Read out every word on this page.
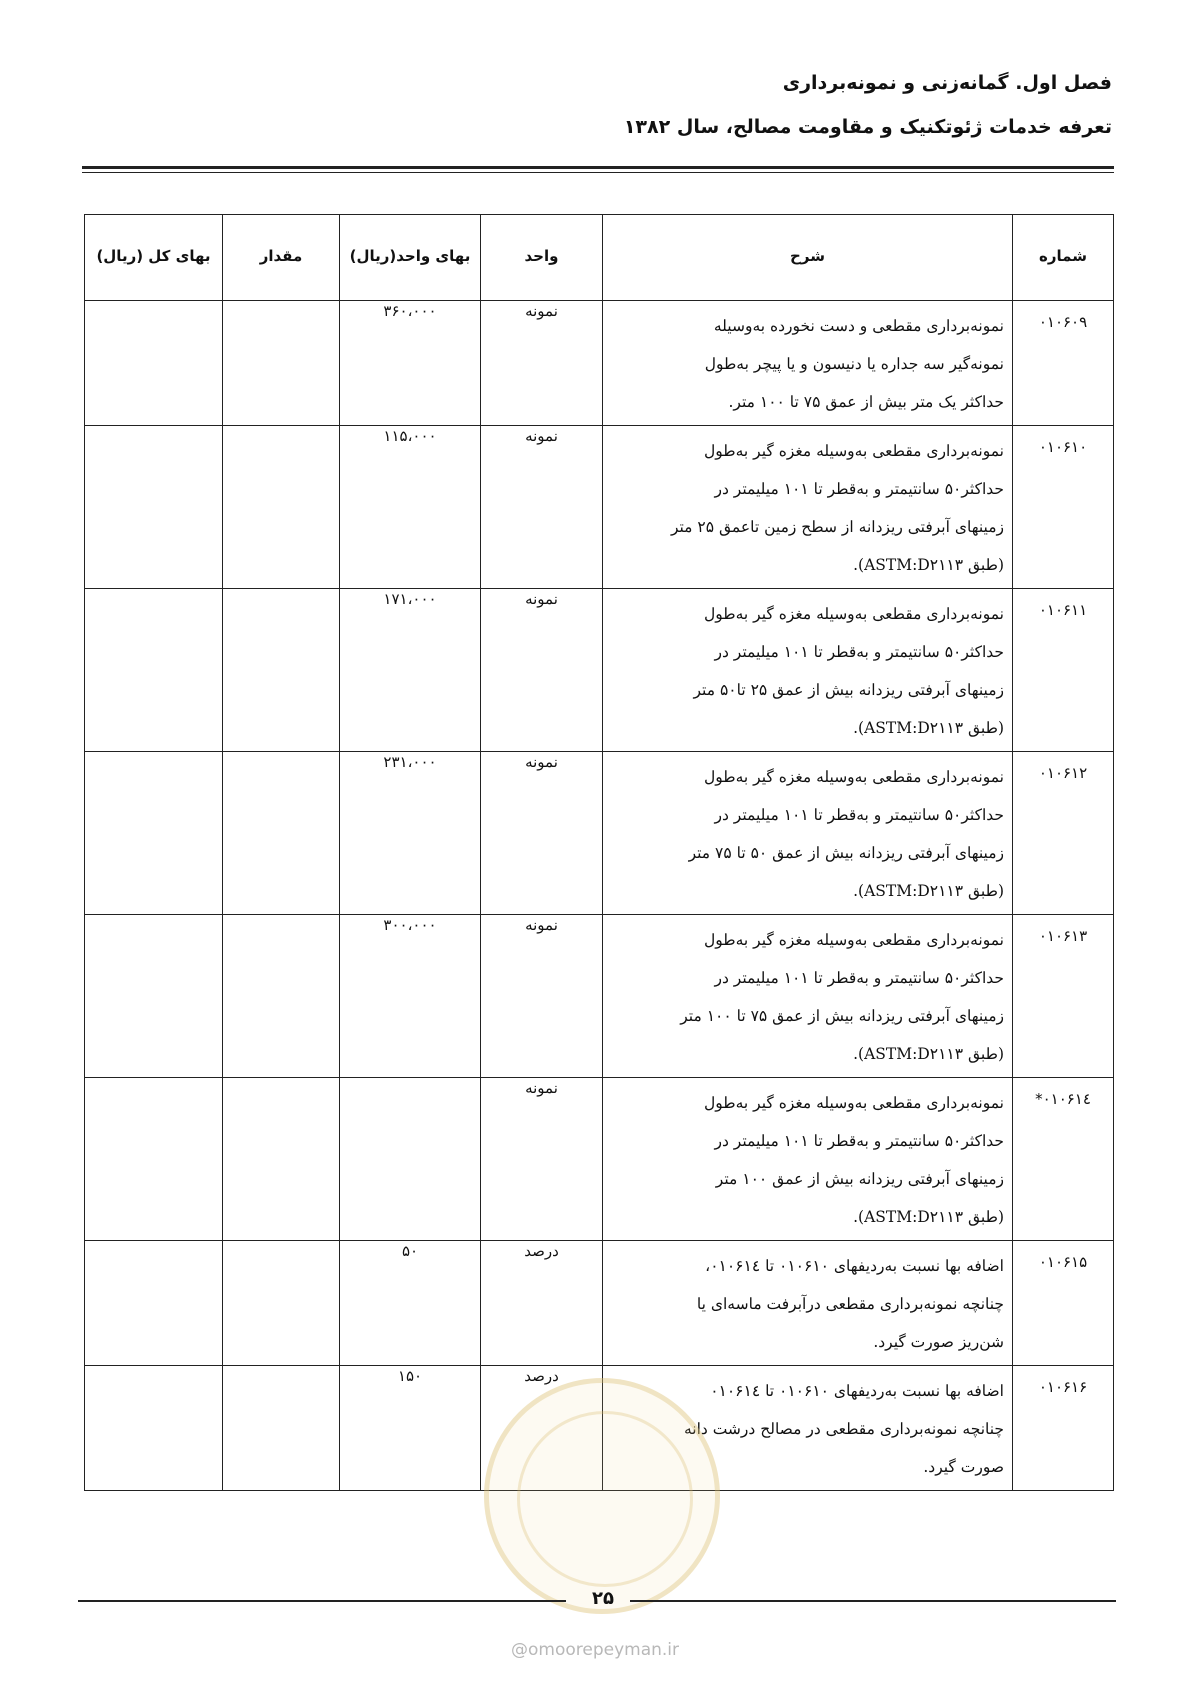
فصل اول. گمانه‌زنی و نمونه‌برداری
تعرفه خدمات ژئوتکنیک و مقاومت مصالح، سال ۱۳۸۲
شماره	شرح	واحد	بهای واحد(ریال)	مقدار	بهای کل (ریال)
۰۱۰۶۰۹	نمونه‌برداری مقطعی و دست نخورده به‌وسیله
نمونه‌گیر سه جداره یا دنیسون و یا پیچر به‌طول
حداکثر یک متر بیش از عمق ۷۵ تا ۱۰۰ متر.	نمونه	۳۶۰،۰۰۰		
۰۱۰۶۱۰	نمونه‌برداری مقطعی به‌وسیله مغزه گیر به‌طول
حداکثر۵۰ سانتیمتر و به‌قطر تا ۱۰۱ میلیمتر در
زمینهای آبرفتی ریزدانه از سطح زمین تاعمق ۲۵ متر
(طبق ASTM:D۲۱۱۳).	نمونه	۱۱۵،۰۰۰		
۰۱۰۶۱۱	نمونه‌برداری مقطعی به‌وسیله مغزه گیر به‌طول
حداکثر۵۰ سانتیمتر و به‌قطر تا ۱۰۱ میلیمتر در
زمینهای آبرفتی ریزدانه بیش از عمق ۲۵ تا۵۰ متر
(طبق ASTM:D۲۱۱۳).	نمونه	۱۷۱،۰۰۰		
۰۱۰۶۱۲	نمونه‌برداری مقطعی به‌وسیله مغزه گیر به‌طول
حداکثر۵۰ سانتیمتر و به‌قطر تا ۱۰۱ میلیمتر در
زمینهای آبرفتی ریزدانه بیش از عمق ۵۰ تا ۷۵ متر
(طبق ASTM:D۲۱۱۳).	نمونه	۲۳۱،۰۰۰		
۰۱۰۶۱۳	نمونه‌برداری مقطعی به‌وسیله مغزه گیر به‌طول
حداکثر۵۰ سانتیمتر و به‌قطر تا ۱۰۱ میلیمتر در
زمینهای آبرفتی ریزدانه بیش از عمق ۷۵ تا ۱۰۰ متر
(طبق ASTM:D۲۱۱۳).	نمونه	۳۰۰،۰۰۰		
۰۱۰۶۱٤*	نمونه‌برداری مقطعی به‌وسیله مغزه گیر به‌طول
حداکثر۵۰ سانتیمتر و به‌قطر تا ۱۰۱ میلیمتر در
زمینهای آبرفتی ریزدانه بیش از عمق ۱۰۰ متر
(طبق ASTM:D۲۱۱۳).	نمونه			
۰۱۰۶۱۵	اضافه بها نسبت به‌ردیفهای ۰۱۰۶۱۰ تا ۰۱۰۶۱٤،
چنانچه نمونه‌برداری مقطعی درآبرفت ماسه‌ای یا
شن‌ریز صورت گیرد.	درصد	۵۰		
۰۱۰۶۱۶	اضافه بها نسبت به‌ردیفهای ۰۱۰۶۱۰ تا ۰۱۰۶۱٤
چنانچه نمونه‌برداری مقطعی در مصالح درشت دانه
صورت گیرد.	درصد	۱۵۰		
۲۵
@omoorepeyman.ir
